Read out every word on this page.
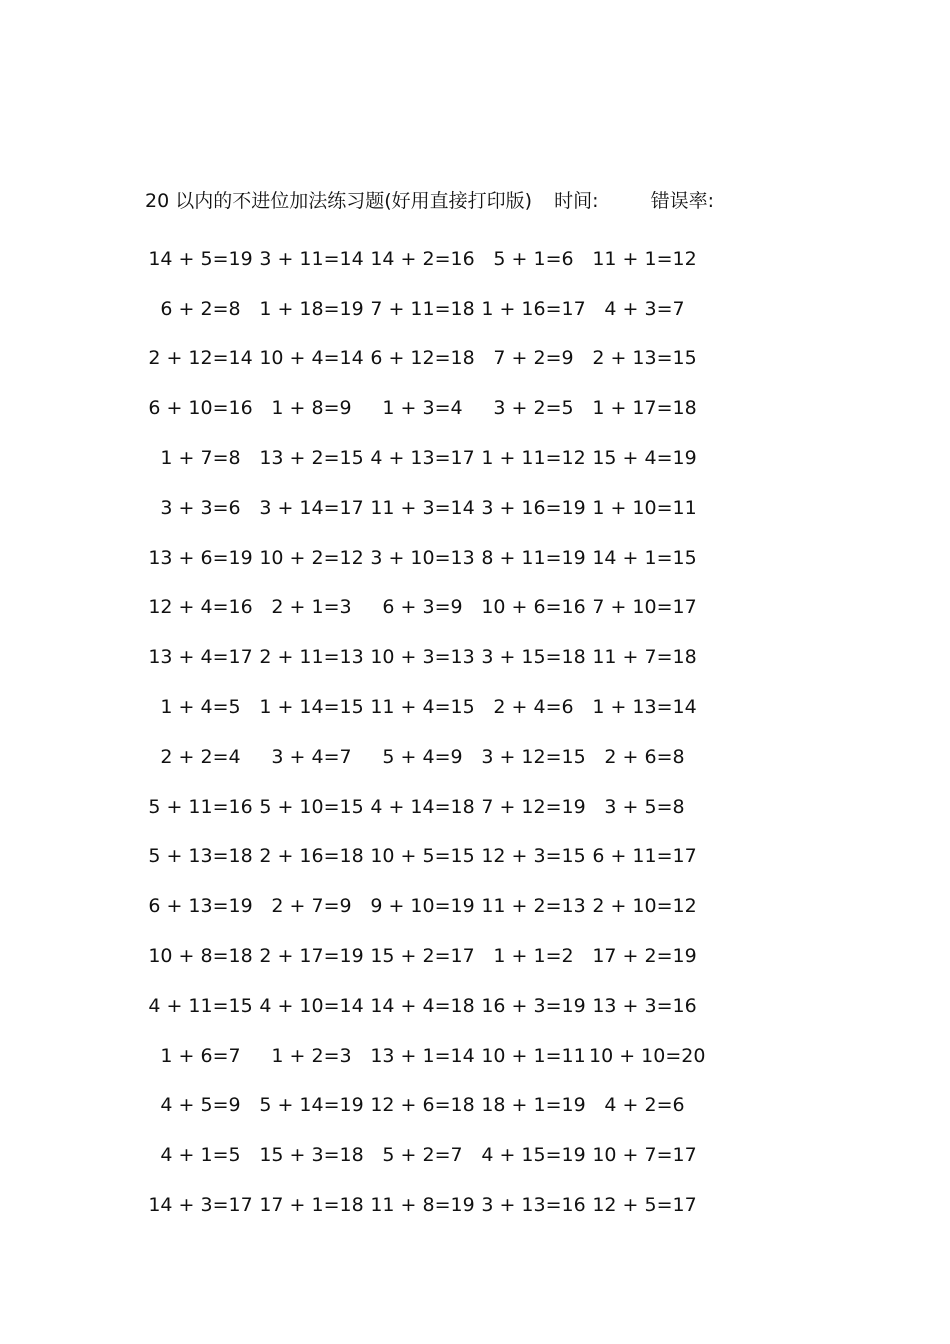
20 以内的不进位加法练习题(好用直接打印版) 时间:	错误率:
14 + 5=19 3 + 11=14 14 + 2=16 5 + 1=6 11 + 1=12
6 + 2=8 1 + 18=19 7 + 11=18 1 + 16=17 4 + 3=7
2 + 12=14 10 + 4=14 6 + 12=18 7 + 2=9 2 + 13=15
6 + 10=16 1 + 8=9	1 + 3=4	3 + 2=5 1 + 17=18
1 + 7=8 13 + 2=15 4 + 13=17 1 + 11=12 15 + 4=19
3 + 3=6 3 + 14=17 11 + 3=14 3 + 16=19 1 + 10=11
13 + 6=19 10 + 2=12 3 + 10=13 8 + 11=19 14 + 1=15
12 + 4=16 2 + 1=3	6 + 3=9 10 + 6=16 7 + 10=17
13 + 4=17 2 + 11=13 10 + 3=13 3 + 15=18 11 + 7=18
1 + 4=5 1 + 14=15 11 + 4=15 2 + 4=6 1 + 13=14
2 + 2=4	3 + 4=7	5 + 4=9 3 + 12=15 2 + 6=8
5 + 11=16 5 + 10=15 4 + 14=18 7 + 12=19 3 + 5=8
5 + 13=18 2 + 16=18 10 + 5=15 12 + 3=15 6 + 11=17
6 + 13=19 2 + 7=9 9 + 10=19 11 + 2=13 2 + 10=12
10 + 8=18 2 + 17=19 15 + 2=17 1 + 1=2 17 + 2=19
4 + 11=15 4 + 10=14 14 + 4=18 16 + 3=19 13 + 3=16
1 + 6=7	1 + 2=3 13 + 1=14 10 + 1=11 10 + 10=20
4 + 5=9 5 + 14=19 12 + 6=18 18 + 1=19 4 + 2=6
4 + 1=5 15 + 3=18 5 + 2=7 4 + 15=19 10 + 7=17
14 + 3=17 17 + 1=18 11 + 8=19 3 + 13=16 12 + 5=17
